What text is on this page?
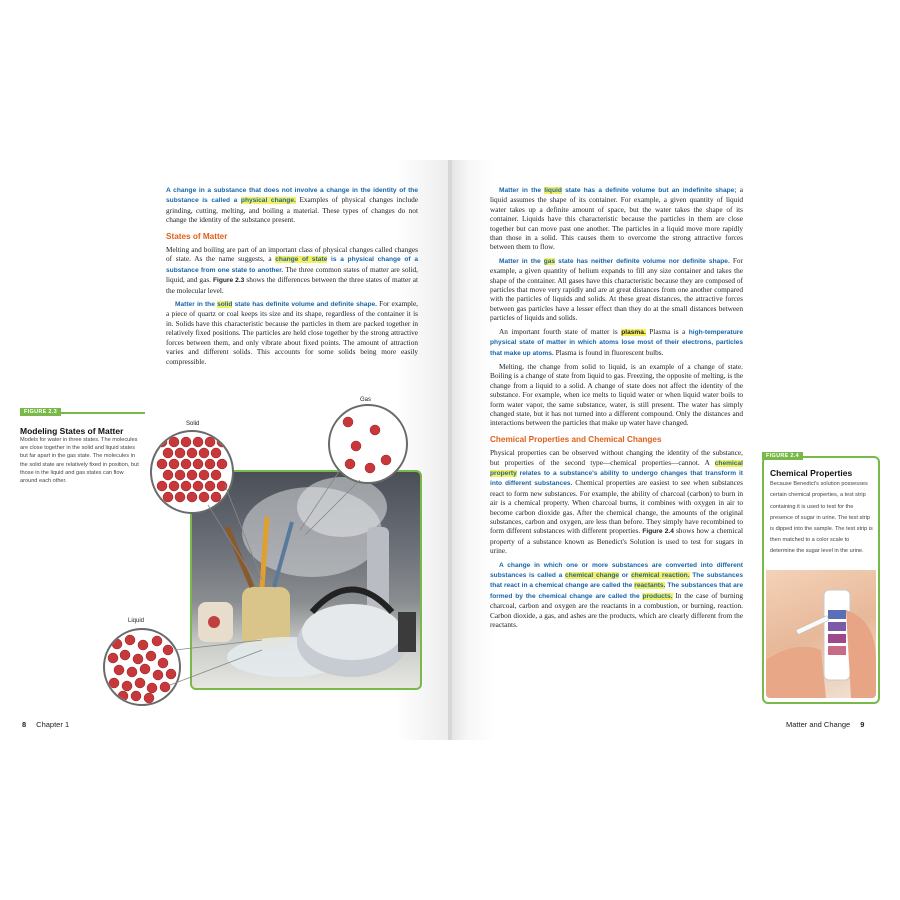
A change in a substance that does not involve a change in the identity of the substance is called a physical change. Examples of physical changes include grinding, cutting, melting, and boiling a material. These types of changes do not change the identity of the substance present.

States of Matter

Melting and boiling are part of an important class of physical changes called changes of state. As the name suggests, a change of state is a physical change of a substance from one state to another. The three common states of matter are solid, liquid, and gas. Figure 2.3 shows the differences between the three states of matter at the molecular level.

Matter in the solid state has definite volume and definite shape. For example, a piece of quartz or coal keeps its size and its shape, regardless of the container it is in. Solids have this characteristic because the particles in them are packed together in relatively fixed positions. The particles are held close together by the strong attractive forces between them, and only vibrate about fixed points. The amount of attraction varies and different solids. This accounts for some solids being more easily compressible.

FIGURE 2.3
Modeling States of Matter
Models for water in three states. The molecules are close together in the solid and liquid states but far apart in the gas state. The molecules in the solid state are relatively fixed in position, but those in the liquid and gas states can flow around each other.
Solid
Gas
Liquid
8 Chapter 1

Matter in the liquid state has a definite volume but an indefinite shape; a liquid assumes the shape of its container. For example, a given quantity of liquid water takes up a definite amount of space, but the water takes the shape of its container. Liquids have this characteristic because the particles in them are close together but can move past one another. The particles in a liquid move more rapidly than those in a solid. This causes them to overcome the strong attractive forces between them to flow.

Matter in the gas state has neither definite volume nor definite shape. For example, a given quantity of helium expands to fill any size container and takes the shape of the container. All gases have this characteristic because they are composed of particles that move very rapidly and are at great distances from one another compared with the particles of liquids and solids. At these great distances, the attractive forces between gas particles have a lesser effect than they do at the small distances between particles of liquids and solids.

An important fourth state of matter is plasma. Plasma is a high-temperature physical state of matter in which atoms lose most of their electrons, particles that make up atoms. Plasma is found in fluorescent bulbs.

Melting, the change from solid to liquid, is an example of a change of state. Boiling is a change of state from liquid to gas. Freezing, the opposite of melting, is the change from a liquid to a solid. A change of state does not affect the identity of the substance. For example, when ice melts to liquid water or when liquid water boils to form water vapor, the same substance, water, is still present. The water has simply changed state, but it has not turned into a different compound. Only the distances and interactions between the particles that make up water have changed.

Chemical Properties and Chemical Changes

Physical properties can be observed without changing the identity of the substance, but properties of the second type—chemical properties—cannot. A chemical property relates to a substance's ability to undergo changes that transform it into different substances. Chemical properties are easiest to see when substances react to form new substances. For example, the ability of charcoal (carbon) to burn in air is a chemical property. When charcoal burns, it combines with oxygen in air to become carbon dioxide gas. After the chemical change, the amounts of the original substances, carbon and oxygen, are less than before. They simply have recombined to form different substances with different properties. Figure 2.4 shows how a chemical property of a substance known as Benedict's Solution is used to test for sugars in urine.

A change in which one or more substances are converted into different substances is called a chemical change or chemical reaction. The substances that react in a chemical change are called the reactants. The substances that are formed by the chemical change are called the products. In the case of burning charcoal, carbon and oxygen are the reactants in a combustion, or burning, reaction. Carbon dioxide, a gas, and ashes are the products, which are clearly different from the reactants.

FIGURE 2.4
Chemical Properties Because Benedict's solution possesses certain chemical properties, a test strip containing it is used to test for the presence of sugar in urine. The test strip is dipped into the sample. The test strip is then matched to a color scale to determine the sugar level in the urine.
Matter and Change 9
